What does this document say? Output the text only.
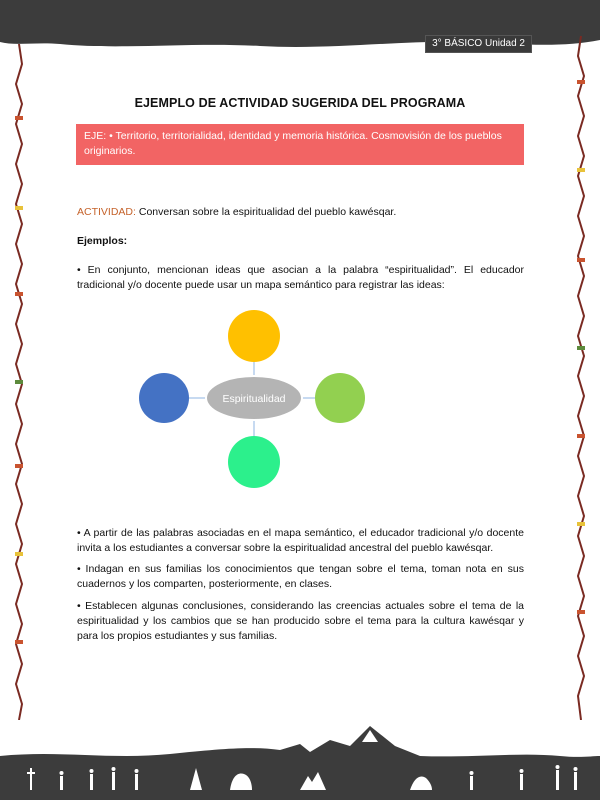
3° BÁSICO Unidad 2
EJEMPLO DE ACTIVIDAD SUGERIDA DEL PROGRAMA
EJE: • Territorio, territorialidad, identidad y memoria histórica. Cosmovisión de los pueblos originarios.
ACTIVIDAD: Conversan sobre la espiritualidad del pueblo kawésqar.
Ejemplos:
• En conjunto, mencionan ideas que asocian a la palabra “espiritualidad”. El educador tradicional y/o docente puede usar un mapa semántico para registrar las ideas:
Espiritualidad
• A partir de las palabras asociadas en el mapa semántico, el educador tradicional y/o docente invita a los estudiantes a conversar sobre la espiritualidad ancestral del pueblo kawésqar.
• Indagan en sus familias los conocimientos que tengan sobre el tema, toman nota en sus cuadernos y los comparten, posteriormente, en clases.
• Establecen algunas conclusiones, considerando las creencias actuales sobre el tema de la espiritualidad y los cambios que se han producido sobre el tema para la cultura kawésqar y para los propios estudiantes y sus familias.
